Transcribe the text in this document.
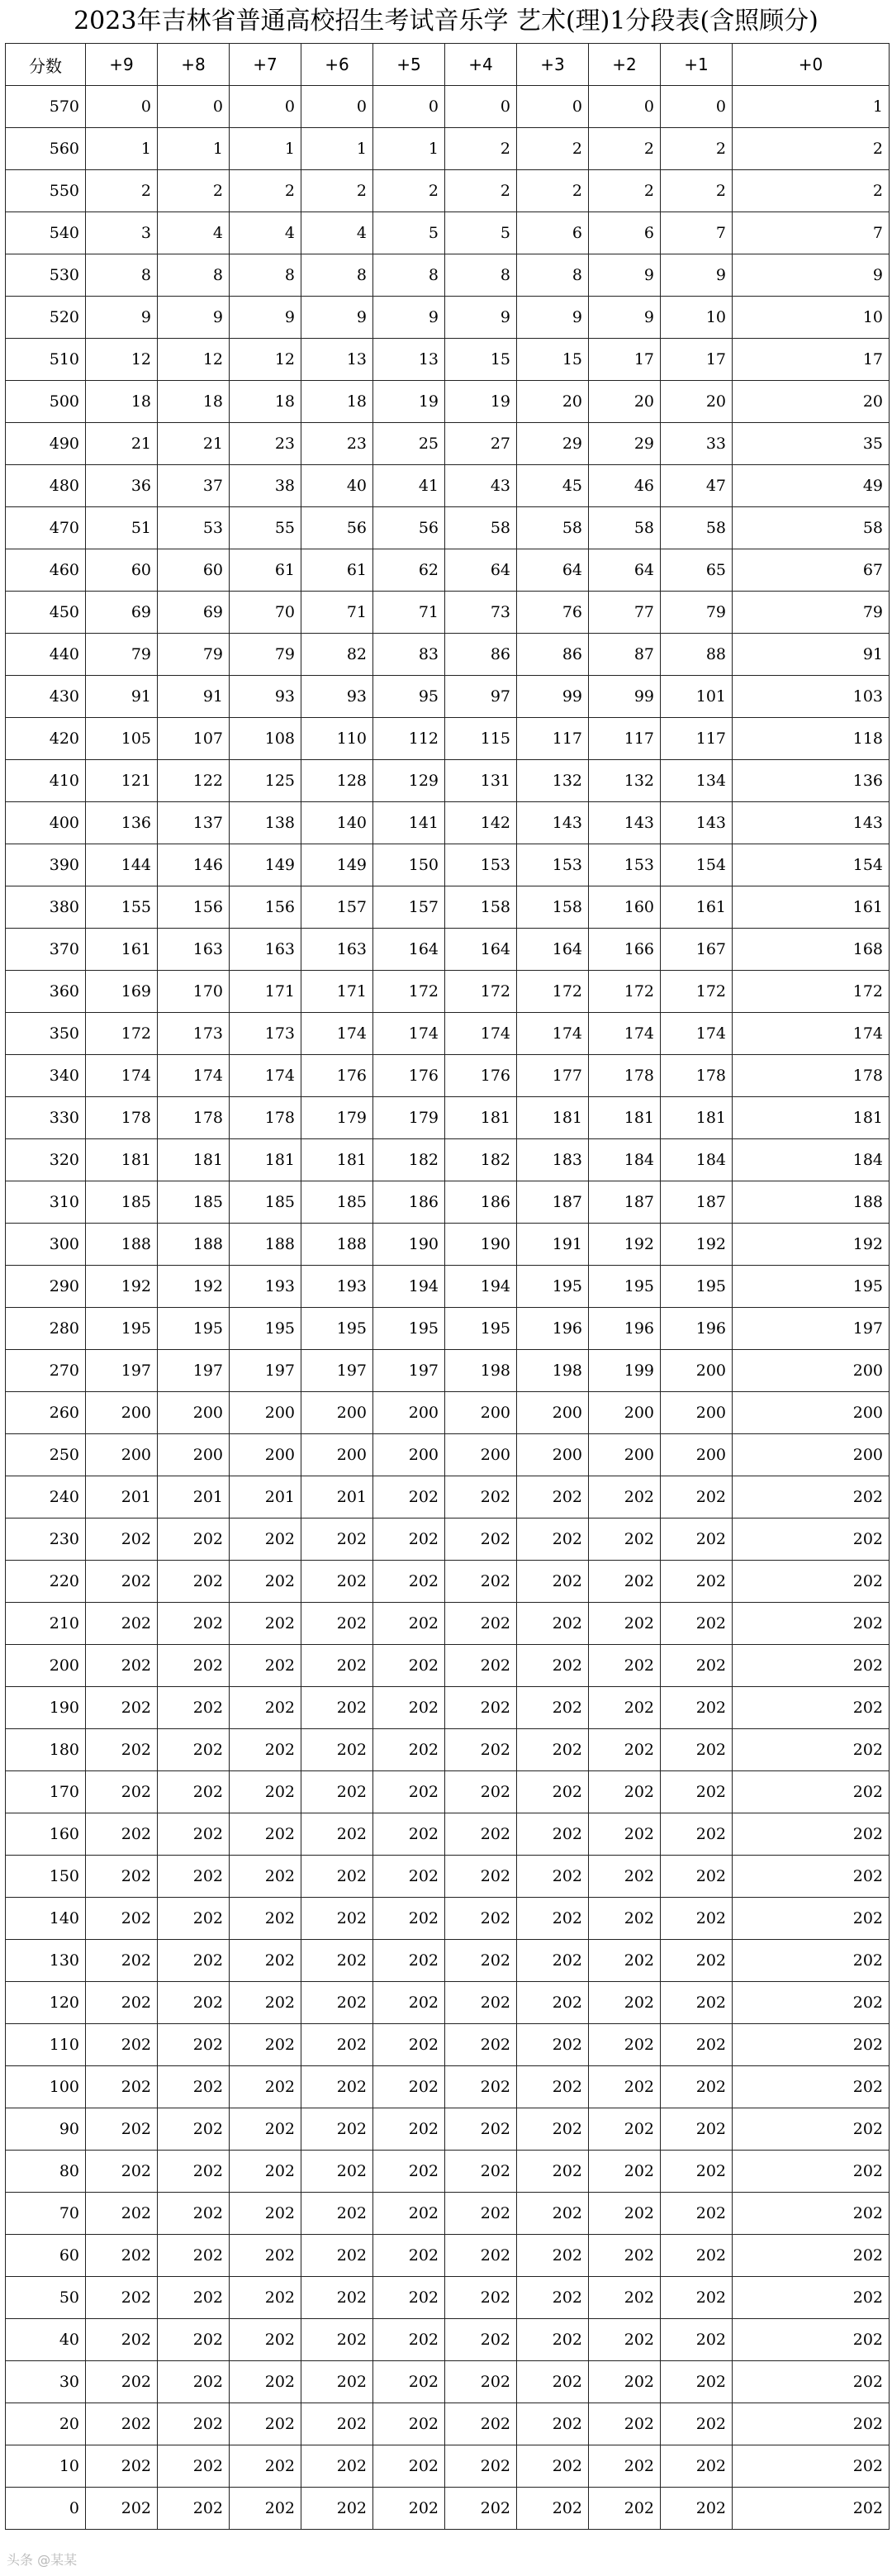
2023年吉林省普通高校招生考试音乐学 艺术(理)1分段表(含照顾分)
分数	+9	+8	+7	+6	+5	+4	+3	+2	+1	+0
570	0	0	0	0	0	0	0	0	0	1
560	1	1	1	1	1	2	2	2	2	2
550	2	2	2	2	2	2	2	2	2	2
540	3	4	4	4	5	5	6	6	7	7
530	8	8	8	8	8	8	8	9	9	9
520	9	9	9	9	9	9	9	9	10	10
510	12	12	12	13	13	15	15	17	17	17
500	18	18	18	18	19	19	20	20	20	20
490	21	21	23	23	25	27	29	29	33	35
480	36	37	38	40	41	43	45	46	47	49
470	51	53	55	56	56	58	58	58	58	58
460	60	60	61	61	62	64	64	64	65	67
450	69	69	70	71	71	73	76	77	79	79
440	79	79	79	82	83	86	86	87	88	91
430	91	91	93	93	95	97	99	99	101	103
420	105	107	108	110	112	115	117	117	117	118
410	121	122	125	128	129	131	132	132	134	136
400	136	137	138	140	141	142	143	143	143	143
390	144	146	149	149	150	153	153	153	154	154
380	155	156	156	157	157	158	158	160	161	161
370	161	163	163	163	164	164	164	166	167	168
360	169	170	171	171	172	172	172	172	172	172
350	172	173	173	174	174	174	174	174	174	174
340	174	174	174	176	176	176	177	178	178	178
330	178	178	178	179	179	181	181	181	181	181
320	181	181	181	181	182	182	183	184	184	184
310	185	185	185	185	186	186	187	187	187	188
300	188	188	188	188	190	190	191	192	192	192
290	192	192	193	193	194	194	195	195	195	195
280	195	195	195	195	195	195	196	196	196	197
270	197	197	197	197	197	198	198	199	200	200
260	200	200	200	200	200	200	200	200	200	200
250	200	200	200	200	200	200	200	200	200	200
240	201	201	201	201	202	202	202	202	202	202
230	202	202	202	202	202	202	202	202	202	202
220	202	202	202	202	202	202	202	202	202	202
210	202	202	202	202	202	202	202	202	202	202
200	202	202	202	202	202	202	202	202	202	202
190	202	202	202	202	202	202	202	202	202	202
180	202	202	202	202	202	202	202	202	202	202
170	202	202	202	202	202	202	202	202	202	202
160	202	202	202	202	202	202	202	202	202	202
150	202	202	202	202	202	202	202	202	202	202
140	202	202	202	202	202	202	202	202	202	202
130	202	202	202	202	202	202	202	202	202	202
120	202	202	202	202	202	202	202	202	202	202
110	202	202	202	202	202	202	202	202	202	202
100	202	202	202	202	202	202	202	202	202	202
90	202	202	202	202	202	202	202	202	202	202
80	202	202	202	202	202	202	202	202	202	202
70	202	202	202	202	202	202	202	202	202	202
60	202	202	202	202	202	202	202	202	202	202
50	202	202	202	202	202	202	202	202	202	202
40	202	202	202	202	202	202	202	202	202	202
30	202	202	202	202	202	202	202	202	202	202
20	202	202	202	202	202	202	202	202	202	202
10	202	202	202	202	202	202	202	202	202	202
0	202	202	202	202	202	202	202	202	202	202
头条 @某某
